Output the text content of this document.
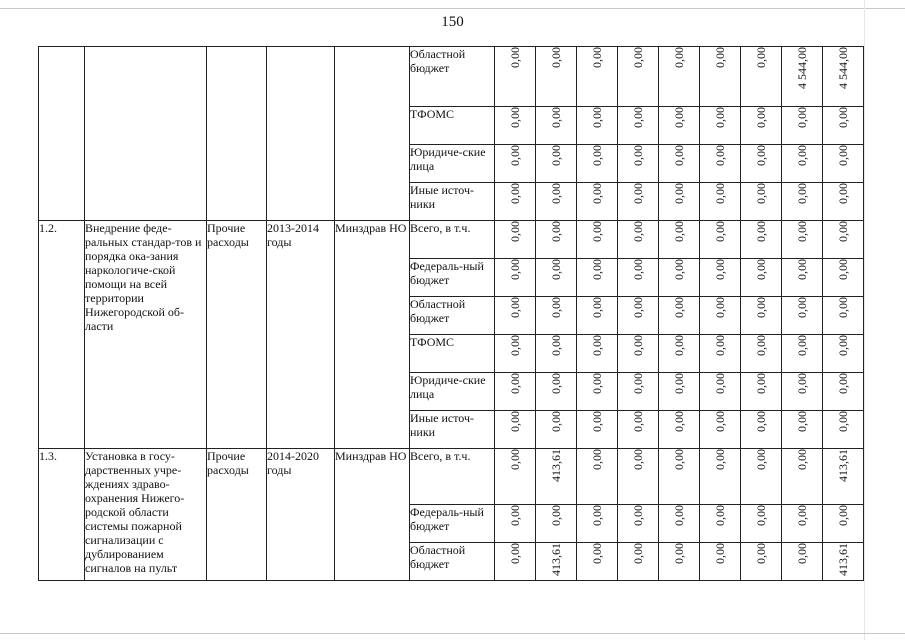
150
					Областной бюджет	0,00	0,00	0,00	0,00	0,00	0,00	0,00	4 544,00	4 544,00
					ТФОМС	0,00	0,00	0,00	0,00	0,00	0,00	0,00	0,00	0,00
					Юридиче-ские лица	0,00	0,00	0,00	0,00	0,00	0,00	0,00	0,00	0,00
					Иные источ-ники	0,00	0,00	0,00	0,00	0,00	0,00	0,00	0,00	0,00
1.2.	Внедрение феде-ральных стандар-тов и порядка ока-зания наркологиче-ской помощи на всей территории Нижегородской об-ласти	Прочие расходы	2013-2014 годы	Минздрав НО	Всего, в т.ч.	0,00	0,00	0,00	0,00	0,00	0,00	0,00	0,00	0,00
					Федераль-ный бюджет	0,00	0,00	0,00	0,00	0,00	0,00	0,00	0,00	0,00
					Областной бюджет	0,00	0,00	0,00	0,00	0,00	0,00	0,00	0,00	0,00
					ТФОМС	0,00	0,00	0,00	0,00	0,00	0,00	0,00	0,00	0,00
					Юридиче-ские лица	0,00	0,00	0,00	0,00	0,00	0,00	0,00	0,00	0,00
					Иные источ-ники	0,00	0,00	0,00	0,00	0,00	0,00	0,00	0,00	0,00
1.3.	Установка в госу-дарственных учре-ждениях здраво-охранения Нижего-родской области системы пожарной сигнализации с дублированием сигналов на пульт	Прочие расходы	2014-2020 годы	Минздрав НО	Всего, в т.ч.	0,00	413,61	0,00	0,00	0,00	0,00	0,00	0,00	413,61
					Федераль-ный бюджет	0,00	0,00	0,00	0,00	0,00	0,00	0,00	0,00	0,00
					Областной бюджет	0,00	413,61	0,00	0,00	0,00	0,00	0,00	0,00	413,61
